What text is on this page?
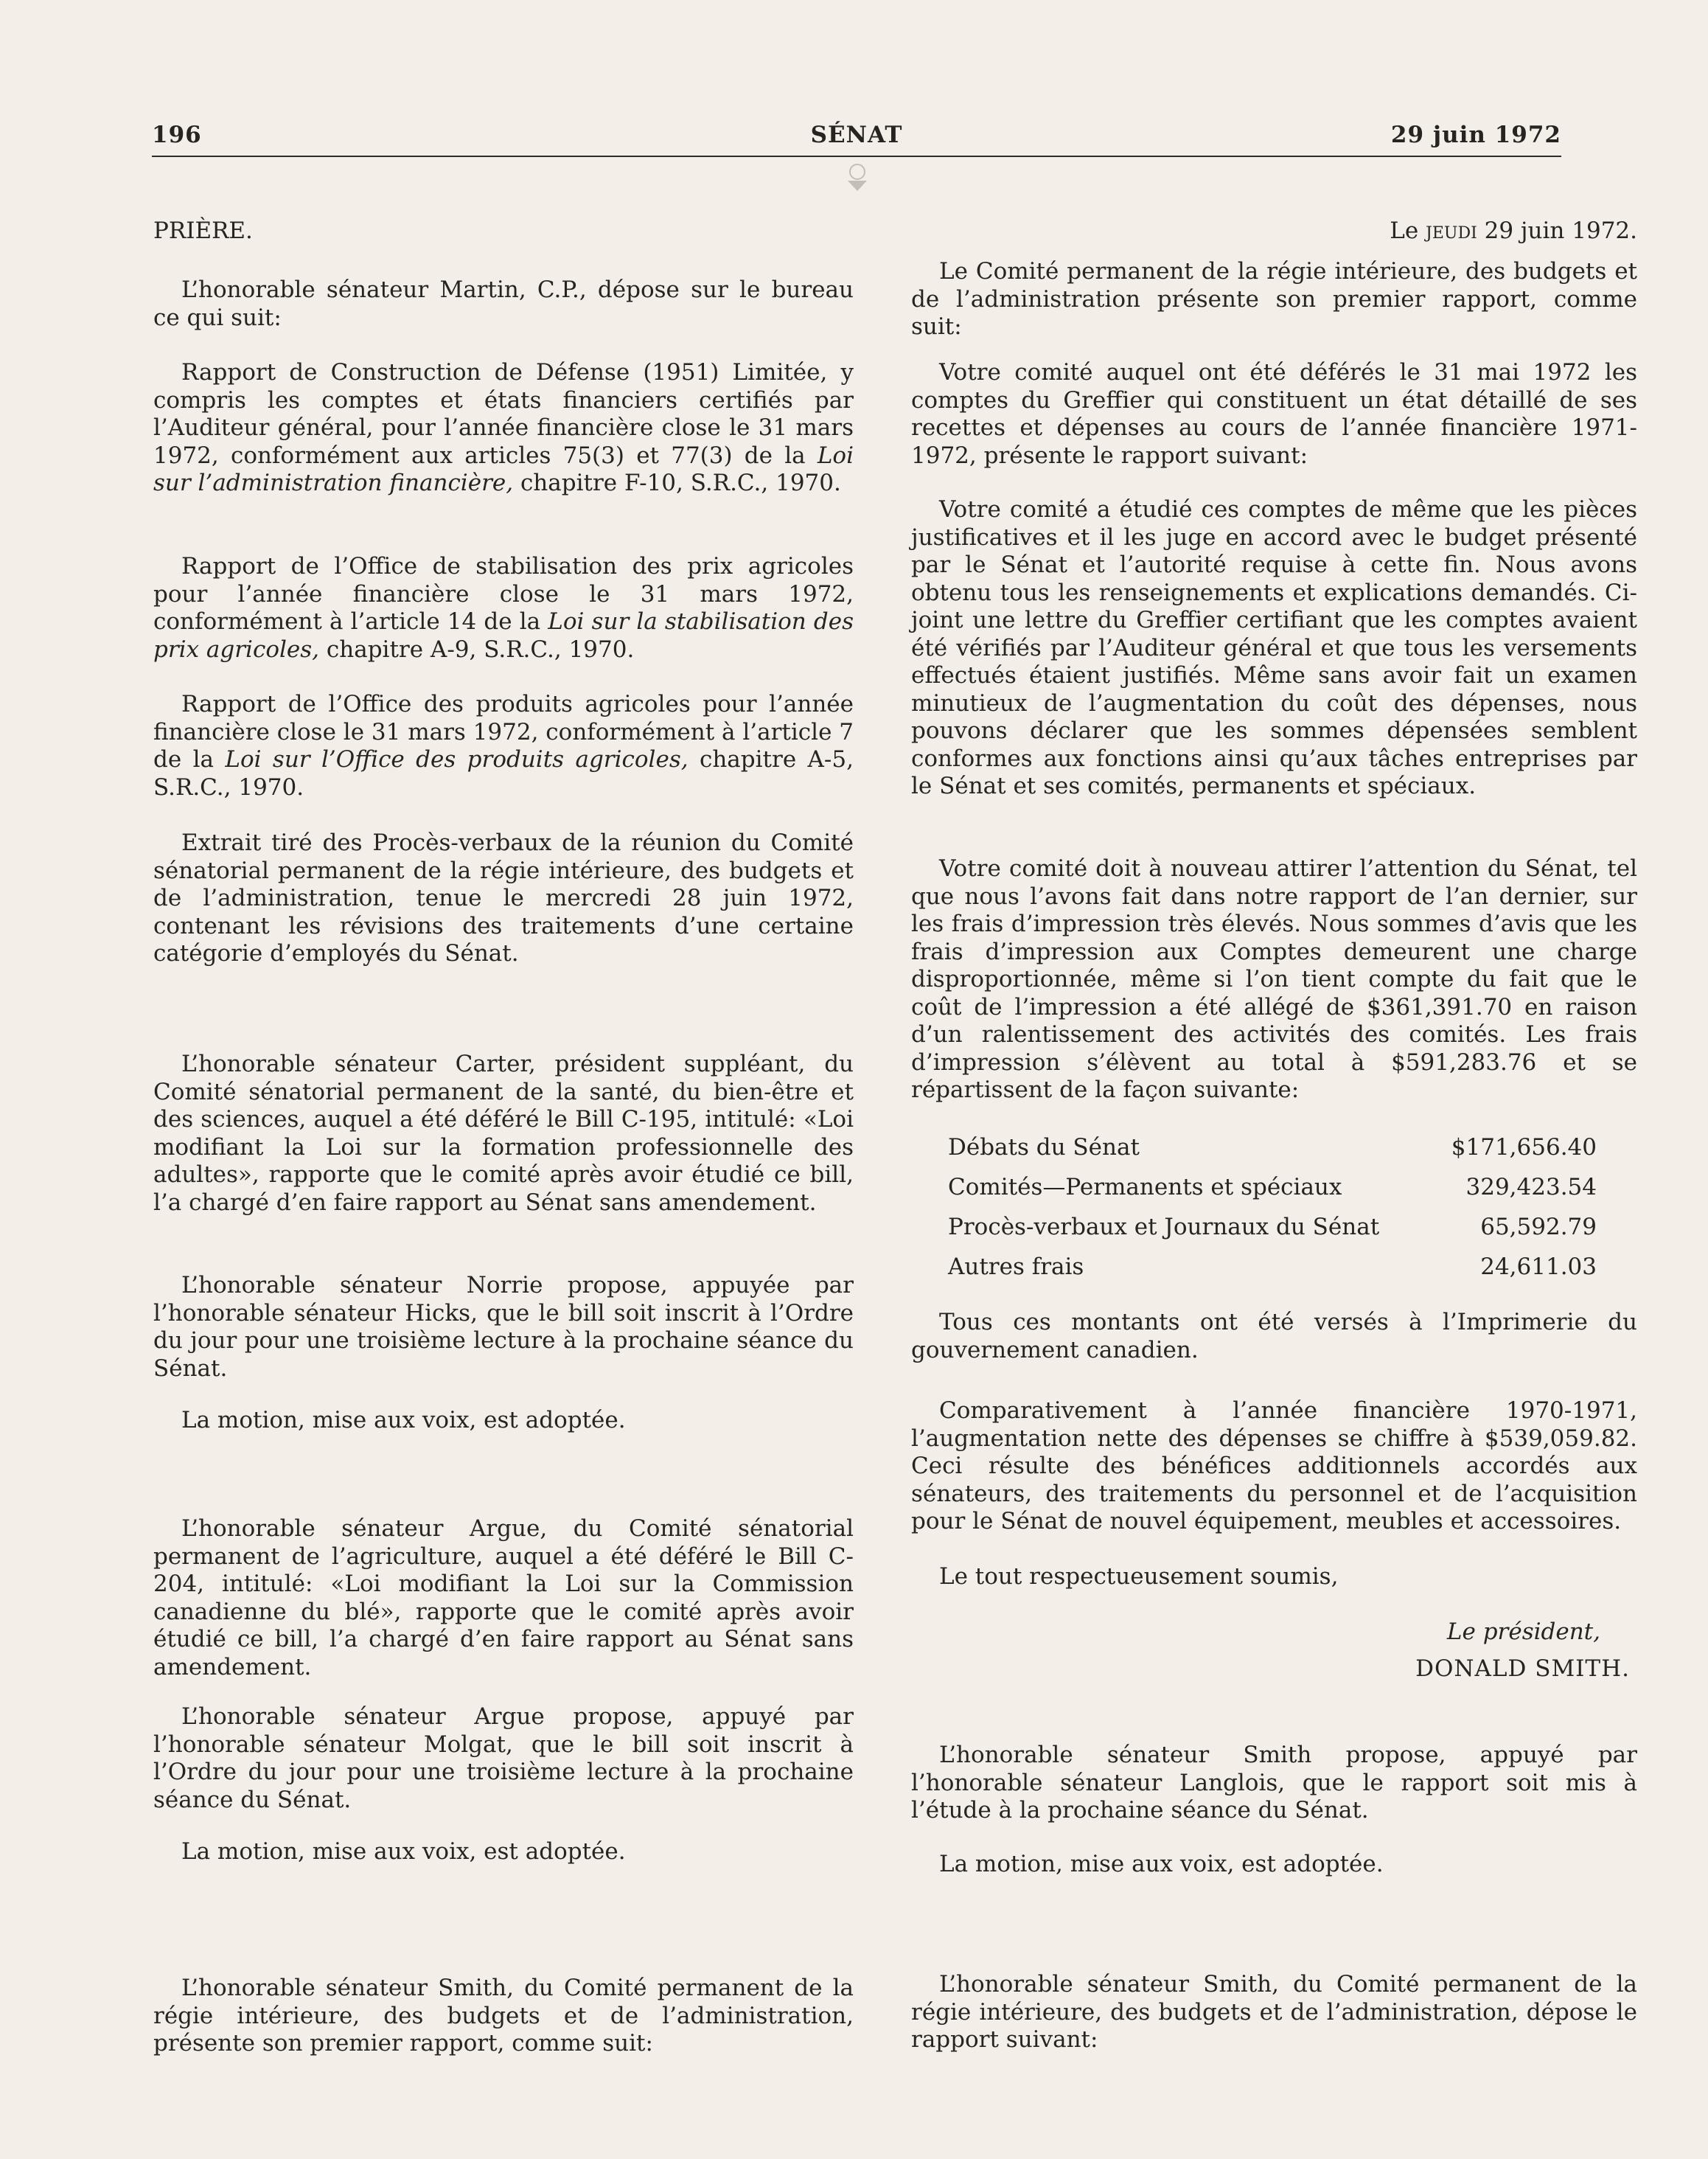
196	SÉNAT	29 juin 1972

PRIÈRE.

L’honorable sénateur Martin, C.P., dépose sur le bureau ce qui suit:

Rapport de Construction de Défense (1951) Limitée, y compris les comptes et états financiers certifiés par l’Auditeur général, pour l’année financière close le 31 mars 1972, conformément aux articles 75(3) et 77(3) de la Loi sur l’administration financière, chapitre F-10, S.R.C., 1970.

Rapport de l’Office de stabilisation des prix agricoles pour l’année financière close le 31 mars 1972, conformément à l’article 14 de la Loi sur la stabilisation des prix agricoles, chapitre A-9, S.R.C., 1970.

Rapport de l’Office des produits agricoles pour l’année financière close le 31 mars 1972, conformément à l’article 7 de la Loi sur l’Office des produits agricoles, chapitre A-5, S.R.C., 1970.

Extrait tiré des Procès-verbaux de la réunion du Comité sénatorial permanent de la régie intérieure, des budgets et de l’administration, tenue le mercredi 28 juin 1972, contenant les révisions des traitements d’une certaine catégorie d’employés du Sénat.

L’honorable sénateur Carter, président suppléant, du Comité sénatorial permanent de la santé, du bien-être et des sciences, auquel a été déféré le Bill C-195, intitulé: «Loi modifiant la Loi sur la formation professionnelle des adultes», rapporte que le comité après avoir étudié ce bill, l’a chargé d’en faire rapport au Sénat sans amendement.

L’honorable sénateur Norrie propose, appuyée par l’honorable sénateur Hicks, que le bill soit inscrit à l’Ordre du jour pour une troisième lecture à la prochaine séance du Sénat.

La motion, mise aux voix, est adoptée.

L’honorable sénateur Argue, du Comité sénatorial permanent de l’agriculture, auquel a été déféré le Bill C-204, intitulé: «Loi modifiant la Loi sur la Commission canadienne du blé», rapporte que le comité après avoir étudié ce bill, l’a chargé d’en faire rapport au Sénat sans amendement.

L’honorable sénateur Argue propose, appuyé par l’honorable sénateur Molgat, que le bill soit inscrit à l’Ordre du jour pour une troisième lecture à la prochaine séance du Sénat.

La motion, mise aux voix, est adoptée.

L’honorable sénateur Smith, du Comité permanent de la régie intérieure, des budgets et de l’administration, présente son premier rapport, comme suit:

Le jeudi 29 juin 1972.

Le Comité permanent de la régie intérieure, des budgets et de l’administration présente son premier rapport, comme suit:

Votre comité auquel ont été déférés le 31 mai 1972 les comptes du Greffier qui constituent un état détaillé de ses recettes et dépenses au cours de l’année financière 1971-1972, présente le rapport suivant:

Votre comité a étudié ces comptes de même que les pièces justificatives et il les juge en accord avec le budget présenté par le Sénat et l’autorité requise à cette fin. Nous avons obtenu tous les renseignements et explications demandés. Ci-joint une lettre du Greffier certifiant que les comptes avaient été vérifiés par l’Auditeur général et que tous les versements effectués étaient justifiés. Même sans avoir fait un examen minutieux de l’augmentation du coût des dépenses, nous pouvons déclarer que les sommes dépensées semblent conformes aux fonctions ainsi qu’aux tâches entreprises par le Sénat et ses comités, permanents et spéciaux.

Votre comité doit à nouveau attirer l’attention du Sénat, tel que nous l’avons fait dans notre rapport de l’an dernier, sur les frais d’impression très élevés. Nous sommes d’avis que les frais d’impression aux Comptes demeurent une charge disproportionnée, même si l’on tient compte du fait que le coût de l’impression a été allégé de $361,391.70 en raison d’un ralentissement des activités des comités. Les frais d’impression s’élèvent au total à $591,283.76 et se répartissent de la façon suivante:

Débats du Sénat	$171,656.40
Comités—Permanents et spéciaux	329,423.54
Procès-verbaux et Journaux du Sénat	65,592.79
Autres frais	24,611.03

Tous ces montants ont été versés à l’Imprimerie du gouvernement canadien.

Comparativement à l’année financière 1970-1971, l’augmentation nette des dépenses se chiffre à $539,059.82. Ceci résulte des bénéfices additionnels accordés aux sénateurs, des traitements du personnel et de l’acquisition pour le Sénat de nouvel équipement, meubles et accessoires.

Le tout respectueusement soumis,

Le président,

DONALD SMITH.

L’honorable sénateur Smith propose, appuyé par l’honorable sénateur Langlois, que le rapport soit mis à l’étude à la prochaine séance du Sénat.

La motion, mise aux voix, est adoptée.

L’honorable sénateur Smith, du Comité permanent de la régie intérieure, des budgets et de l’administration, dépose le rapport suivant:
